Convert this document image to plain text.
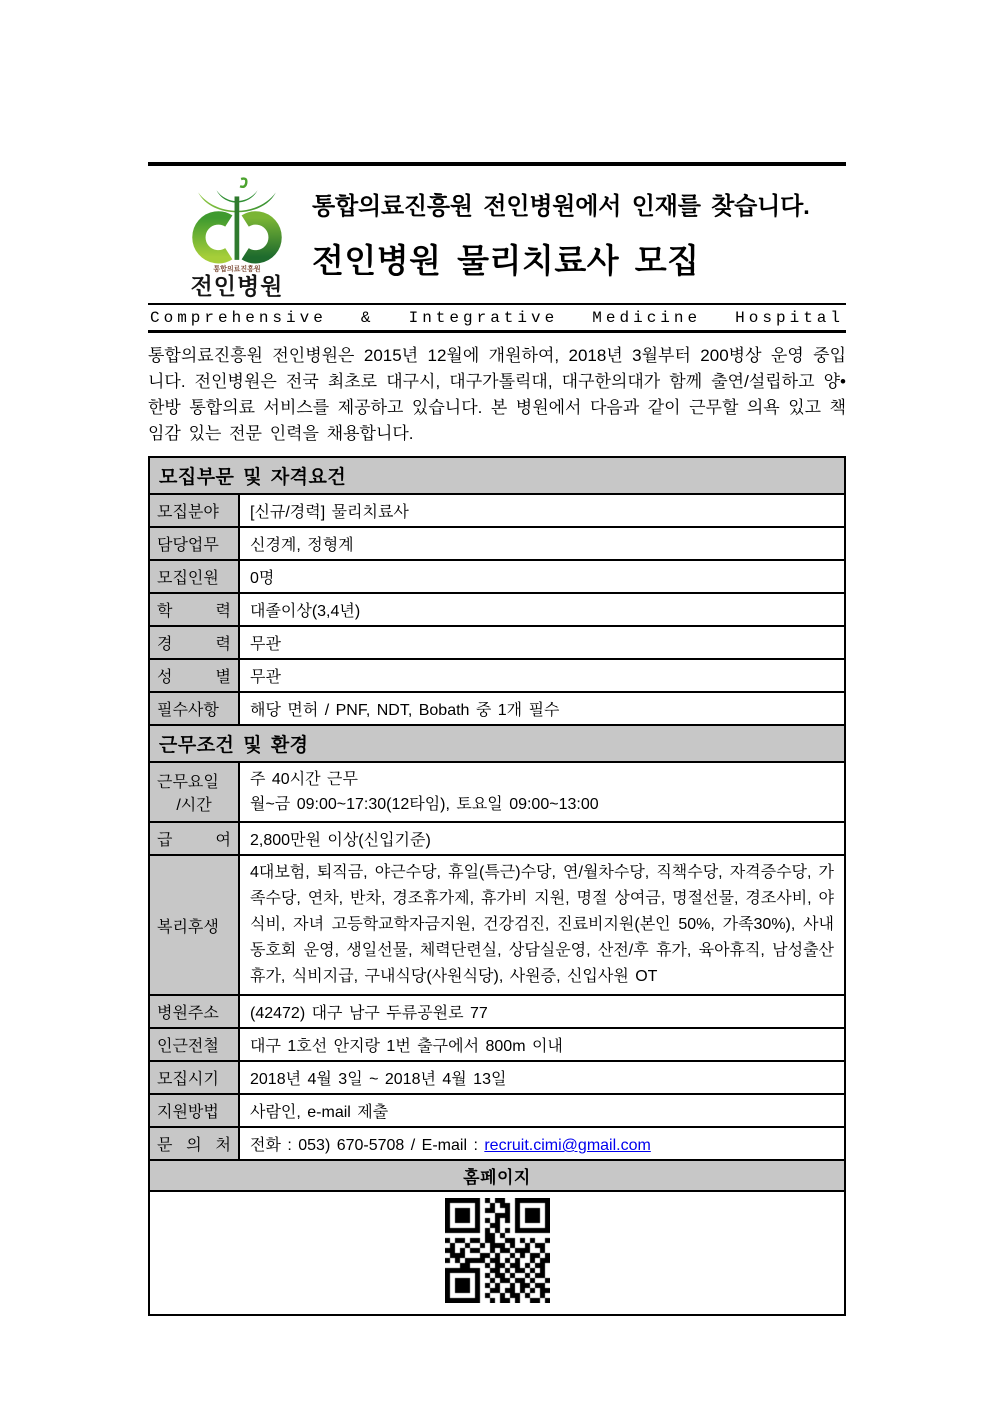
통합의료진흥원
전인병원
통합의료진흥원 전인병원에서 인재를 찾습니다.
전인병원 물리치료사 모집
Comprehensive & Integrative Medicine Hospital

통합의료진흥원 전인병원은 2015년 12월에 개원하여, 2018년 3월부터 200병상 운영 중입니다. 전인병원은 전국 최초로 대구시, 대구가톨릭대, 대구한의대가 함께 출연/설립하고 양•한방 통합의료 서비스를 제공하고 있습니다. 본 병원에서 다음과 같이 근무할 의욕 있고 책임감 있는 전문 인력을 채용합니다.

모집부문 및 자격요건	
모집분야	[신규/경력] 물리치료사
담당업무	신경계, 정형계
모집인원	0명
학 력	대졸이상(3,4년)
경 력	무관
성 별	무관
필수사항	해당 면허 / PNF, NDT, Bobath 중 1개 필수
근무조건 및 환경	

근무요일
/시간	주 40시간 근무
월~금 09:00~17:30(12타임), 토요일 09:00~13:00

급 여	2,800만원 이상(신입기준)
복리후생	4대보험, 퇴직금, 야근수당, 휴일(특근)수당, 연/월차수당, 직책수당, 자격증수당, 가족수당, 연차, 반차, 경조휴가제, 휴가비 지원, 명절 상여금, 명절선물, 경조사비, 야식비, 자녀 고등학교학자금지원, 건강검진, 진료비지원(본인 50%, 가족30%), 사내동호회 운영, 생일선물, 체력단련실, 상담실운영, 산전/후 휴가, 육아휴직, 남성출산휴가, 식비지급, 구내식당(사원식당), 사원증, 신입사원 OT
병원주소	(42472) 대구 남구 두류공원로 77
인근전철	대구 1호선 안지랑 1번 출구에서 800m 이내
모집시기	2018년 4월 3일 ~ 2018년 4월 13일
지원방법	사람인, e-mail 제출
문 의 처	전화 : 053) 670-5708 / E-mail : recruit.cimi@gmail.com
홈페이지	
